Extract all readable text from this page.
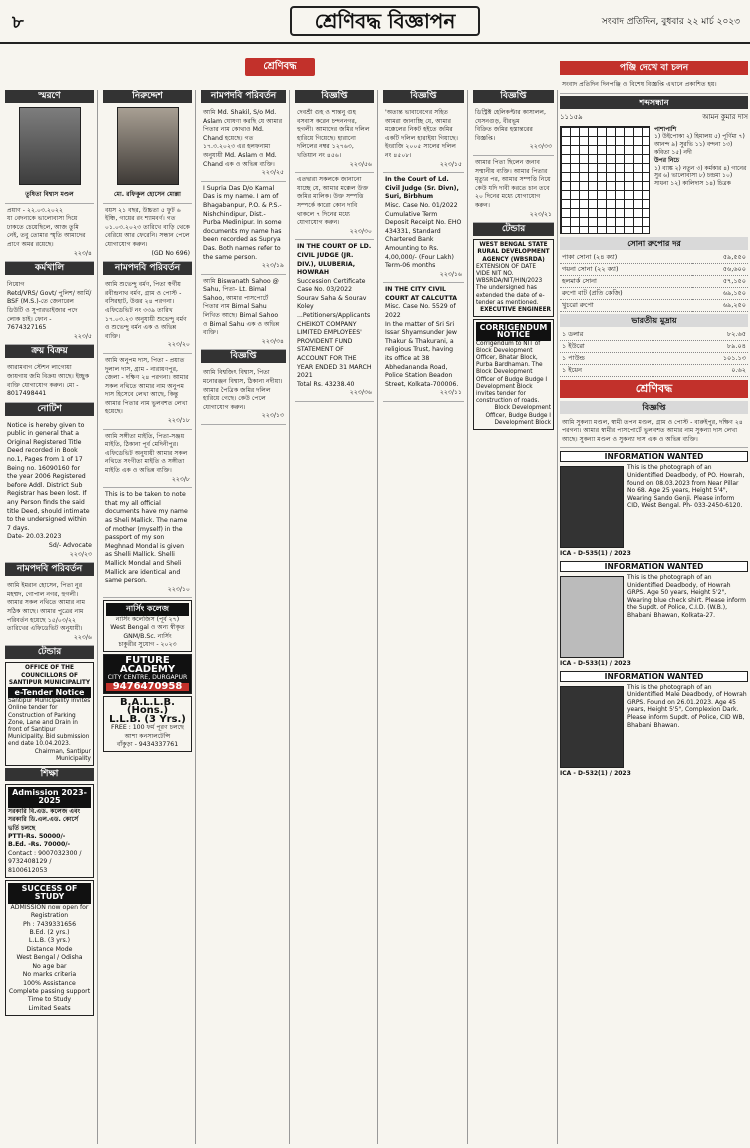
৮	শ্রেণিবদ্ধ বিজ্ঞাপন	সংবাদ প্রতিদিন, বুধবার ২২ মার্চ ২০২৩
শ্রেণিবদ্ধ
স্মরণে
তুষিতা বিশ্বাস মণ্ডল
প্রয়াণ - ২২.০৩.২০২২
যা বেদনাকে ভালোবাসা দিয়ে ঢাকতে চেয়েছিলে, আজ তুমি নেই, তবু তোমার স্মৃতি আমাদের প্রাণে অমর রয়েছে।
২২৩/৪
কর্মখালি
নিয়োগ
Retd/VRS/ Govt/ পুলিশ/ আর্মি/ BSF (M.S.)-তে জেনারেল ডিউটি ও সুপারভাইজার পদে লোক চাই। ফোন - 7674327165
২২৩/৫
ক্রয় বিক্রয়
আরামবাগ স্টেশন লাগোয়া জায়গায় জমি বিক্রয় আছে। ইচ্ছুক ব্যক্তি যোগাযোগ করুন। মো - 8017498441
নোটিশ
Notice is hereby given to public in general that a Original Registered Title Deed recorded in Book no.1, Pages from 1 of 17 Being no. 16090160 for the year 2006 Registered before Addl. District Sub Registrar has been lost. If any Person finds the said title Deed, should intimate to the undersigned within 7 days.
Date- 20.03.2023

Sd/- Advocate
২২৩/২৩
নামপদবি পরিবর্তন
আমি ইমরান হোসেন, পিতা নুর মহম্মদ, গোপাল নগর, হুগলী। আমার সকল নথিতে আমার নাম সঠিক আছে। আমার পুত্রের নাম পরিবর্তন হয়েছে ১৫/০৩/২২ তারিখের এফিডেভিট অনুযায়ী।
২২৩/৬
টেন্ডার
OFFICE OF THE COUNCILLORS OF SANTIPUR MUNICIPALITY
e-Tender Notice
Santipur Municipality invites Online tender for Construction of Parking Zone, Lane and Drain in front of Santipur Municipality. Bid submission end date 10.04.2023.
Chairman, Santipur Municipality
শিক্ষা
Admission 2023-2025
সরকারি বি.এড. কলেজ এবং সরকারি ডি.এল.এড. কোর্সে ভর্তি চলছে
PTTI-Rs. 50000/-
B.Ed. -Rs. 70000/-
Contact : 9007032300 / 9732408129 / 8100612053
SUCCESS OF STUDY
ADMISSION now open for Registration
Ph : 7439331656
B.Ed. (2 yrs.)
L.L.B. (3 yrs.)
Distance Mode
West Bengal / Odisha
No age bar
No marks criteria
100% Assistance
Complete passing support
Time to Study
Limited Seats
নিরুদ্দেশ
মো. রফিকুল হোসেন মোল্লা
বয়স ২১ বছর, উচ্চতা ৫ ফুট ৬ ইঞ্চি, গায়ের রং শ্যামবর্ণ। গত ০১.০৩.২০২৩ তারিখে বাড়ি থেকে বেরিয়ে আর ফেরেনি। সন্ধান পেলে যোগাযোগ করুন।
(GD No 696)
নামপদবি পরিবর্তন
আমি শুভেন্দু বর্মণ, পিতা স্বর্গীয় রবীন্দ্রনাথ বর্মণ, গ্রাম ও পোস্ট - বসিরহাট, উত্তর ২৪ পরগনা। এফিডেভিট নং ৩৩৯ তারিখ ১৭.০৩.২৩ অনুযায়ী শুভেন্দু বর্মণ ও শুভেন্দু বর্মন এক ও অভিন্ন ব্যক্তি।
২২৩/২০
আমি অনুপম দাস, পিতা - প্রয়াত দুলাল দাস, গ্রাম - নারায়ণপুর, জেলা - দক্ষিণ ২৪ পরগনা। আমার সকল নথিতে আমার নাম অনুপম দাস হিসেবে লেখা আছে, কিন্তু আমার পিতার নাম ভুলবশত লেখা হয়েছে।
২২৩/১৮
আমি সঙ্গীতা মাইতি, পিতা-সঞ্জয় মাইতি, ঠিকানা পূর্ব মেদিনীপুর। এফিডেভিট অনুযায়ী আমার সকল নথিতে সংগীতা মাইতি ও সঙ্গীতা মাইতি এক ও অভিন্ন ব্যক্তি।
২২৩/৮
This is to be taken to note that my all official documents have my name as Sheli Mallick. The name of mother (myself) in the passport of my son Meghnad Mondal is given as Shelli Mallick. Shelli Mallick Mondal and Sheli Mallick are identical and same person.
২২৩/১০
নার্সিং কলেজ
নার্সিং কলেজিস (পূর্ব ২৭)
West Bengal ও অন্য স্বীকৃত
GNM/B.Sc. নার্সিং
চাকুরীর সুযোগ - ২০২৩
FUTURE ACADEMY
CITY CENTRE, DURGAPUR
9476470958
B.A.L.L.B. (Hons.)
L.L.B. (3 Yrs.)
FREE : 100 ফর্ম পূরণ চলছে
আশা কনসালটেন্সি
বাঁকুড়া - 9434337761
নামপদবি পরিবর্তন
আমি Md. Shakil, S/o Md. Aslam ঘোষণা করছি যে আমার পিতার নাম কোথাও Md. Chand হয়েছে। গত ১৭.৩.২০২৩ এর হলফনামা অনুযায়ী Md. Aslam ও Md. Chand এক ও অভিন্ন ব্যক্তি।
২২৩/২৫
I Supria Das D/o Kamal Das is my name. I am of Bhagabanpur, P.O. & P.S.- Nishchindipur, Dist.- Purba Medinipur. In some documents my name has been recorded as Suprya Das. Both names refer to the same person.
২২৩/১৯
আমি Biswanath Sahoo @ Sahu, পিতা- Lt. Bimal Sahoo, আমার পাসপোর্টে পিতার নাম Bimal Sahu লিখিত আছে। Bimal Sahoo ও Bimal Sahu এক ও অভিন্ন ব্যক্তি।
২২৩/৩৪
বিজ্ঞপ্তি
আমি বিশ্বজিৎ বিশ্বাস, পিতা মনোরঞ্জন বিশ্বাস, ঠিকানা নদীয়া। আমার পৈত্রিক জমির দলিল হারিয়ে গেছে। কেউ পেলে যোগাযোগ করুন।
২২৩/১৩
বিজ্ঞপ্তি
দেবশ্রী গুহ ও শান্তনু গুহ বসবাস করেন চন্দননগর, হুগলী। আমাদের জমির দলিল হারিয়ে গিয়েছে। হারানো দলিলের নম্বর ১২৭৬৩, খতিয়ান নং ৪৫৬।
২২৩/৫৬
এতদ্বারা সকলকে জানানো যাচ্ছে যে, আমার মক্কেল উক্ত জমির মালিক। উক্ত সম্পত্তি সম্পর্কে কারো কোন দাবি থাকলে ৭ দিনের মধ্যে যোগাযোগ করুন।
২২৩/৩০
IN THE COURT OF LD. CIVIL JUDGE (JR. DIV.), ULUBERIA, HOWRAH
Succession Certificate Case No. 03/2022
Sourav Saha & Sourav Koley ...Petitioners/Applicants
CHEIKOT COMPANY LIMITED EMPLOYEES' PROVIDENT FUND
STATEMENT OF ACCOUNT FOR THE YEAR ENDED 31 MARCH 2021
Total Rs. 43238.40
২২৩/৩৬
বিজ্ঞপ্তি
'অত্যন্ত ভাবাবেগের সহিত আমরা জানাচ্ছি যে, আমার মক্কেলের নিকট হইতে জমির একটি দলিল হারাইয়া গিয়াছে। ইংরাজি ২০০৫ সালের দলিল নং ৪৫০৮।
২২৩/১৫
In the Court of Ld. Civil Judge (Sr. Divn), Suri, Birbhum
Misc. Case No. 01/2022
Cumulative Term Deposit Receipt No. EHO 434331, Standard Chartered Bank
Amounting to Rs. 4,00,000/- (Four Lakh) Term-06 months
২২৩/১৬
IN THE CITY CIVIL COURT AT CALCUTTA
Misc. Case No. 5529 of 2022
In the matter of Sri Sri Issar Shyamsunder Jew Thakur & Thakurani, a religious Trust, having its office at 38 Abhedananda Road, Police Station Beadon Street, Kolkata-700006.
২২৩/১১
বিজ্ঞপ্তি
ডিস্ট্রিক্ট হেলিকপ্টার কাসালল, ঘেসনগুড়, বীরভূম
বিক্রিত জমির হস্তান্তরের বিজ্ঞপ্তি।
২২৩/৩৩
আমার পিতা ছিলেন জনাব সম্মানীয় ব্যক্তি। আমার পিতার মৃত্যুর পর, আমার সম্পত্তি নিয়ে কেউ যদি দাবী করতে চান তবে ২০ দিনের মধ্যে যোগাযোগ করুন।
২২৩/২১
টেন্ডার
WEST BENGAL STATE RURAL DEVELOPMENT AGENCY (WBSRDA)
EXTENSION OF DATE VIDE NIT NO. WBSRDA/NIT/HIN/2023 The undersigned has extended the date of e-tender as mentioned.
EXECUTIVE ENGINEER
CORRIGENDUM NOTICE
Corrigendum to NIT of Block Development Officer, Bhatar Block, Purba Bardhaman. The Block Development Officer of Budge Budge I Development Block invites tender for construction of roads.
Block Development Officer, Budge Budge I Development Block
পঞ্জি দেখে বা চলন
সংবাদ প্রতিদিন দিনপঞ্জি ও বিশেষ বিজ্ঞপ্তি এখানে প্রকাশিত হয়।
শব্দসন্ধান
১১১৫৯	আমন কুমার দাস
পাশাপাশি
১) উইপোকা ২) হিমালয় ৫) পূর্ণিমা ৭) আনন্দ ৯) সুরভি ১১) বন্দনা ১৩) কবিতা ১৫) নদী
উপর নিচে
১) ব্যাঙ্ক ২) নতুন ৩) কর্মকার ৪) গানের সুর ৬) ভালোবাসা ৮) চন্দ্রমা ১০) সাধনা ১২) কালিদাস ১৪) চিত্রক
সোনা রুপোর দর
পাকা সোনা (২৪ ক্যা)	৫৯,৫৫০
গয়না সোনা (২২ ক্যা)	৫৬,৬০০
হলমার্ক সোনা	৫৭,১৫০
রুপো বাট (প্রতি কেজি)	৬৯,১৫০
খুচরো রুপো	৬৯,২৫০
ভারতীয় মুদ্রায়
১ ডলার	৮২.৬৫
১ ইউরো	৮৯.০৪
১ পাউন্ড	১০১.১৩
১ ইয়েন	০.৬২
শ্রেণিবদ্ধ
বিজ্ঞপ্তি
আমি সুকন্যা মণ্ডল, স্বামী তপন মণ্ডল, গ্রাম ও পোস্ট - বারুইপুর, দক্ষিণ ২৪ পরগনা। আমার স্বামীর পাসপোর্টে ভুলবশত আমার নাম সুকন্যা দাস লেখা আছে। সুকন্যা মণ্ডল ও সুকন্যা দাস এক ও অভিন্ন ব্যক্তি।
INFORMATION WANTED
This is the photograph of an Unidentified Deadbody, of PO. Howrah, found on 08.03.2023 from Near Pillar No 68. Age 25 years, Height 5'4", Wearing Sando Genji. Please inform CID, West Bengal. Ph- 033-2450-6120.
ICA - D-535(1) / 2023
INFORMATION WANTED
This is the photograph of an Unidentified Deadbody, of Howrah GRPS. Age 50 years, Height 5'2", Wearing blue check shirt. Please inform the Supdt. of Police, C.I.D. (W.B.), Bhabani Bhawan, Kolkata-27.
ICA - D-533(1) / 2023
INFORMATION WANTED
This is the photograph of an Unidentified Male Deadbody, of Howrah GRPS. Found on 26.01.2023. Age 45 years, Height 5'5", Complexion Dark. Please inform Supdt. of Police, CID WB, Bhabani Bhawan.
ICA - D-532(1) / 2023
